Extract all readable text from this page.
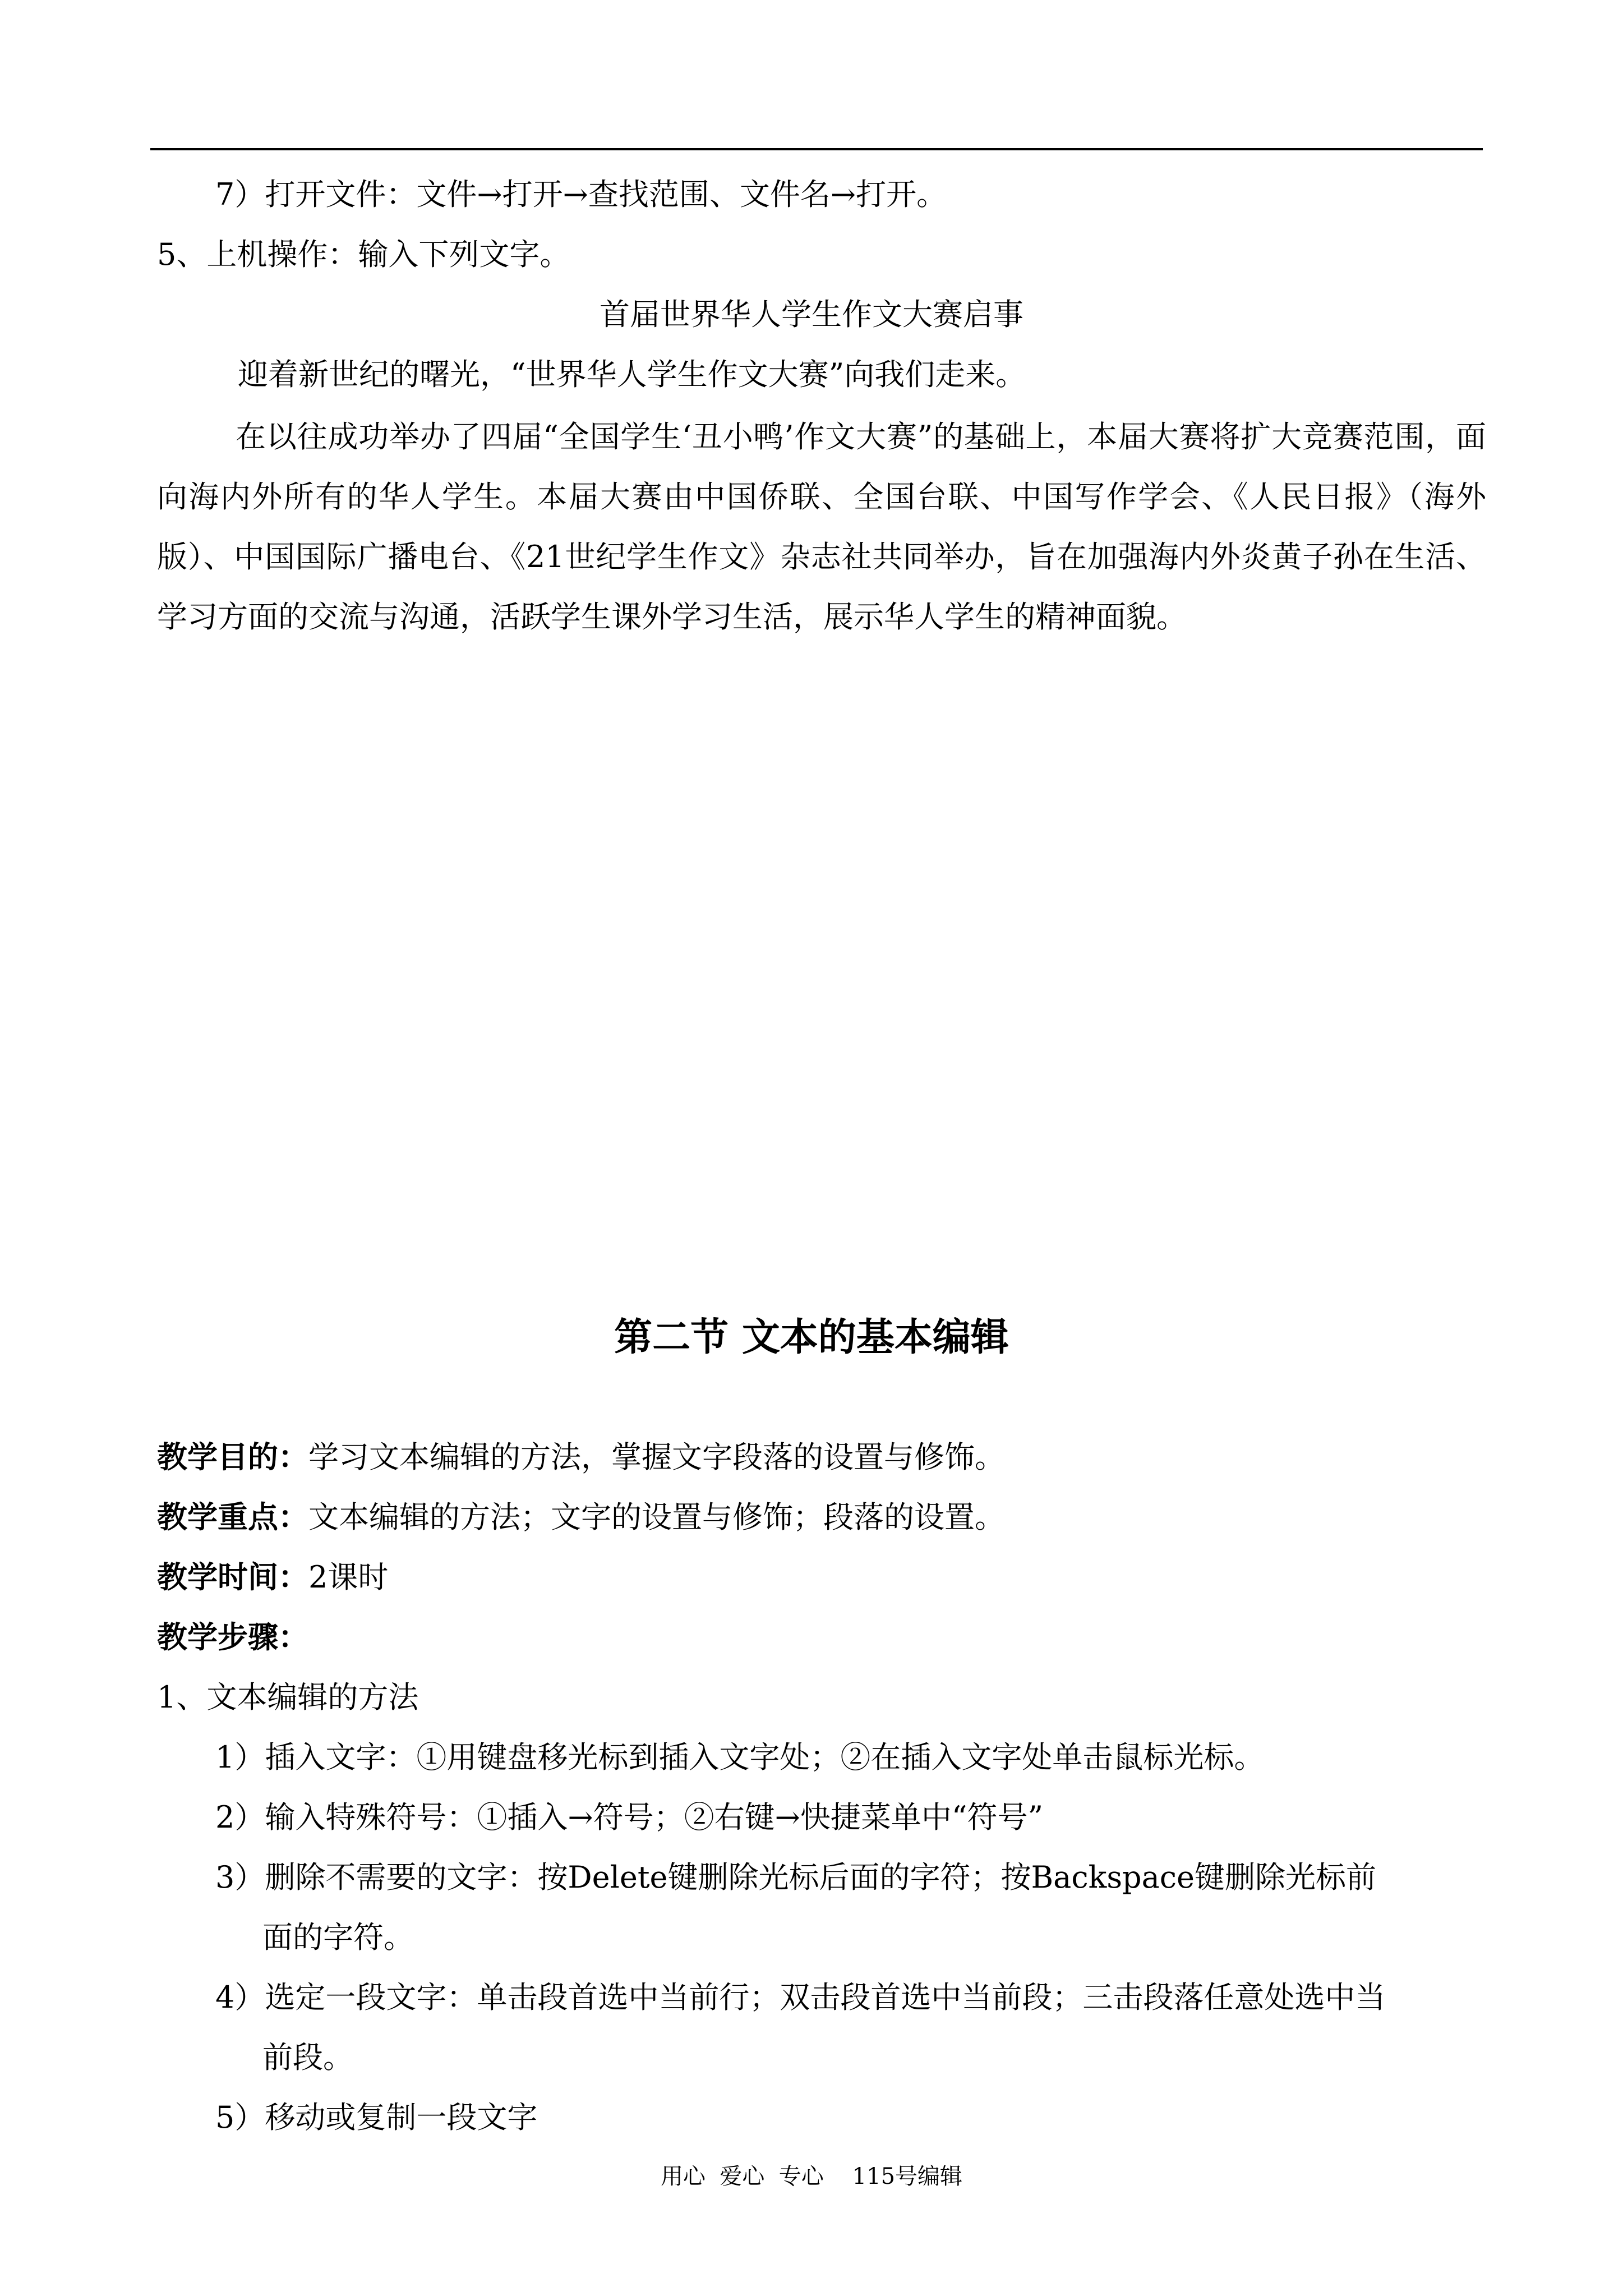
7）打开文件：文件→打开→查找范围、文件名→打开。
5、上机操作：输入下列文字。
首届世界华人学生作文大赛启事
迎着新世纪的曙光，“世界华人学生作文大赛”向我们走来。
在以往成功举办了四届“全国学生‘丑小鸭’作文大赛”的基础上，本届大赛将扩大竞赛范围，面向海内外所有的华人学生。本届大赛由中国侨联、全国台联、中国写作学会、《人民日报》（海外版）、中国国际广播电台、《21世纪学生作文》杂志社共同举办，旨在加强海内外炎黄子孙在生活、学习方面的交流与沟通，活跃学生课外学习生活，展示华人学生的精神面貌。
第二节 文本的基本编辑
教学目的：学习文本编辑的方法，掌握文字段落的设置与修饰。
教学重点：文本编辑的方法；文字的设置与修饰；段落的设置。
教学时间：2课时
教学步骤：
1、文本编辑的方法
1）插入文字：①用键盘移光标到插入文字处；②在插入文字处单击鼠标光标。
2）输入特殊符号：①插入→符号；②右键→快捷菜单中“符号”
3）删除不需要的文字：按Delete键删除光标后面的字符；按Backspace键删除光标前
面的字符。
4）选定一段文字：单击段首选中当前行；双击段首选中当前段；三击段落任意处选中当
前段。
5）移动或复制一段文字
用心  爱心  专心    115号编辑
